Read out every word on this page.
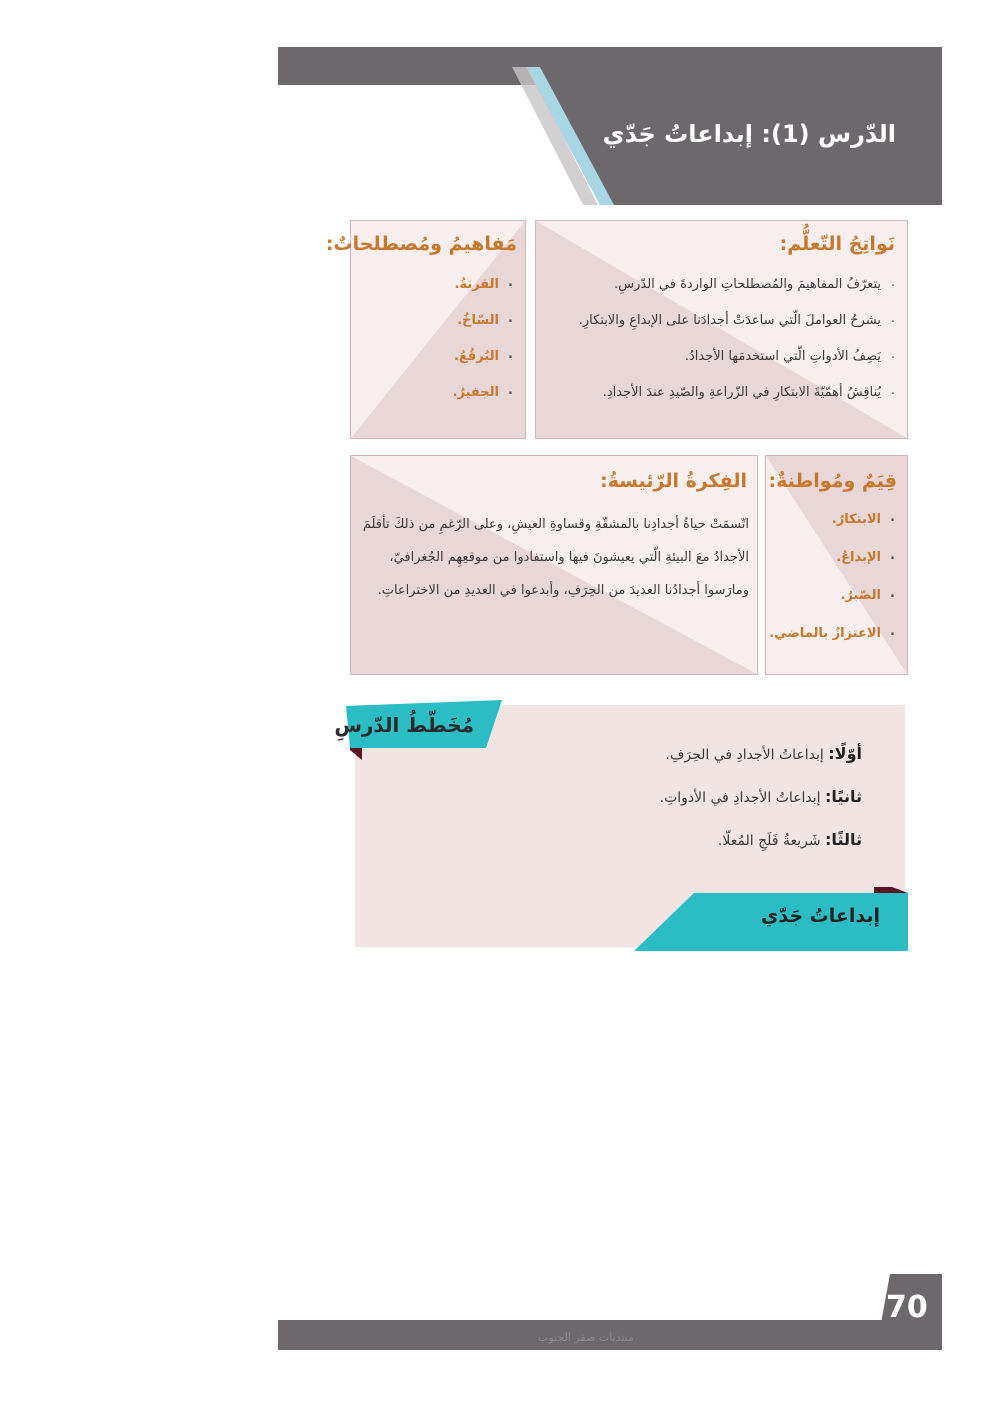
الدّرس (1): إبداعاتُ جَدّي
نَواتِجُ التّعلُّم:
. يتعرّفُ المفاهيمَ والمُصطلحاتِ الواردةَ في الدّرسِ.
. يشرحُ العواملَ الّتي ساعدَتْ أجدادَنا على الإبداعِ والابتكارِ.
. يَصِفُ الأدواتِ الّتي استخدمَها الأجدادُ.
. يُناقِشُ أهمّيّةَ الابتكارِ في الزّراعةِ والصّيدِ عندَ الأجدادِ.
مَفاهيمُ ومُصطلحاتٌ:
. القرنةُ.
. السّاخُ.
. البُرقُعُ.
. الجفيرُ.
قِيَمٌ ومُواطنةٌ:
. الابتكارُ.
. الإبداعُ.
. الصّبرُ.
. الاعتزازُ بالماضي.
الفِكرةُ الرّئيسةُ:
اتّسمَتْ حياةُ أجدادِنا بالمشقّةِ وقساوةِ العيشِ، وعلى الرّغمِ من ذلكَ تأقلَمَ
الأجدادُ معَ البيئةِ الّتي يعيشونَ فيها واستفادوا من موقعِهِم الجُغرافيّ،
ومارَسوا أجدادُنا العديدَ من الحِرَفِ، وأبدعوا في العديدِ من الاختراعاتِ.
مُخَطّطُ الدّرسِ
أوّلًا: إبداعاتُ الأجدادِ في الحِرَفِ.
ثانيًا: إبداعاتُ الأجدادِ في الأدواتِ.
ثالثًا: شَريعةُ فَلَجِ المُعلّا.
إبداعاتُ جَدّي
70
منتديات صقر الجنوب
